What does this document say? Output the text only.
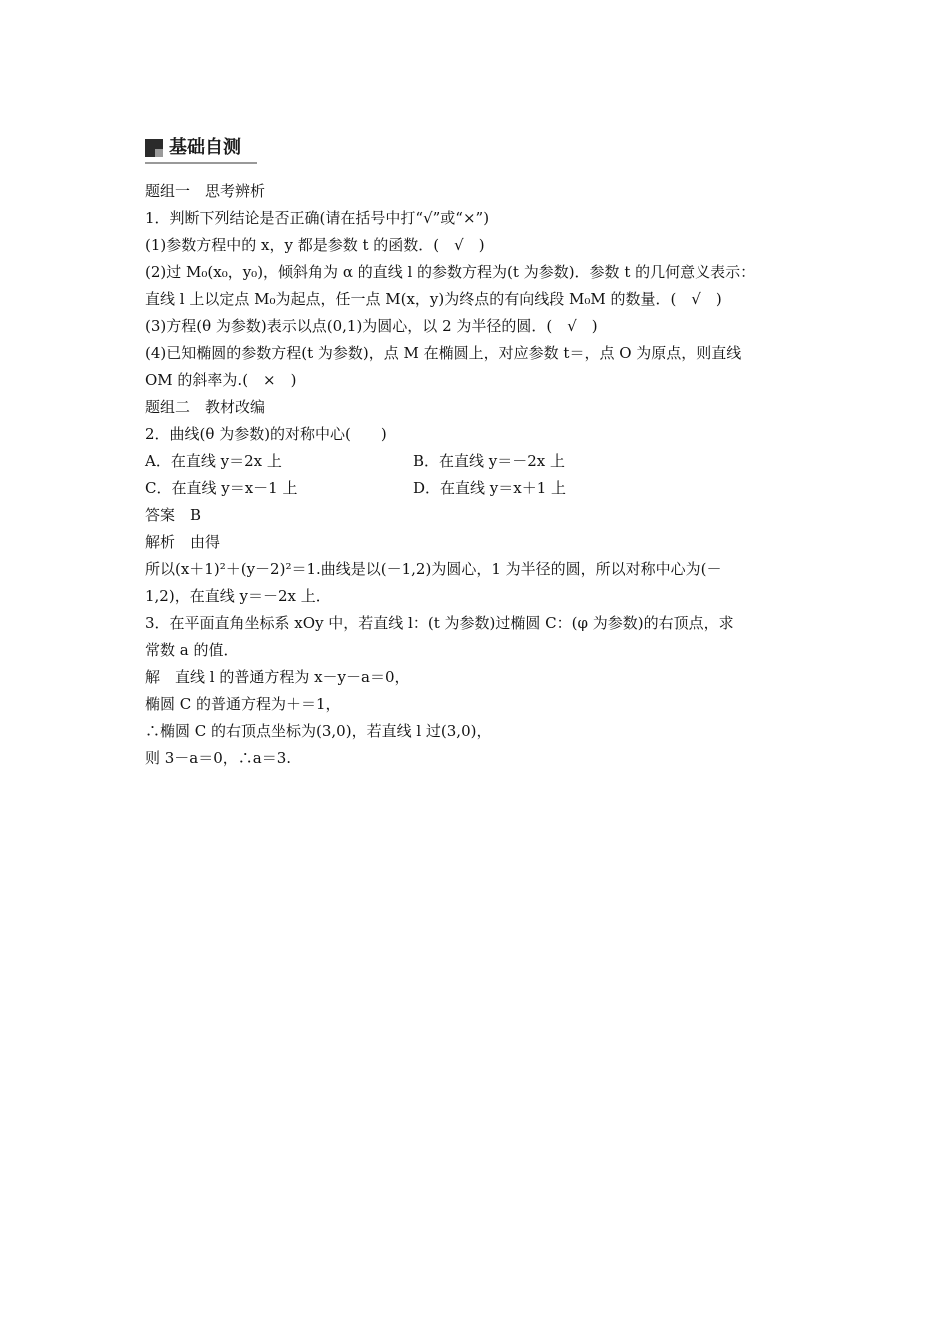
基础自测
题组一　思考辨析
1．判断下列结论是否正确(请在括号中打“√”或“×”)
(1)参数方程中的 x，y 都是参数 t 的函数．(　√　)
(2)过 M₀(x₀，y₀)，倾斜角为 α 的直线 l 的参数方程为(t 为参数)．参数 t 的几何意义表示：
直线 l 上以定点 M₀为起点，任一点 M(x，y)为终点的有向线段 M₀M 的数量．(　√　)
(3)方程(θ 为参数)表示以点(0,1)为圆心，以 2 为半径的圆．(　√　)
(4)已知椭圆的参数方程(t 为参数)，点 M 在椭圆上，对应参数 t＝，点 O 为原点，则直线
OM 的斜率为.(　×　)
题组二　教材改编
2．曲线(θ 为参数)的对称中心(　　)
A．在直线 y＝2x 上	B．在直线 y＝－2x 上
C．在直线 y＝x－1 上	D．在直线 y＝x＋1 上
答案　B
解析　由得
所以(x＋1)²＋(y－2)²＝1.曲线是以(－1,2)为圆心，1 为半径的圆，所以对称中心为(－
1,2)，在直线 y＝－2x 上．
3．在平面直角坐标系 xOy 中，若直线 l：(t 为参数)过椭圆 C：(φ 为参数)的右顶点，求
常数 a 的值．
解　直线 l 的普通方程为 x－y－a＝0，
椭圆 C 的普通方程为＋＝1，
∴椭圆 C 的右顶点坐标为(3,0)，若直线 l 过(3,0)，
则 3－a＝0，∴a＝3.
